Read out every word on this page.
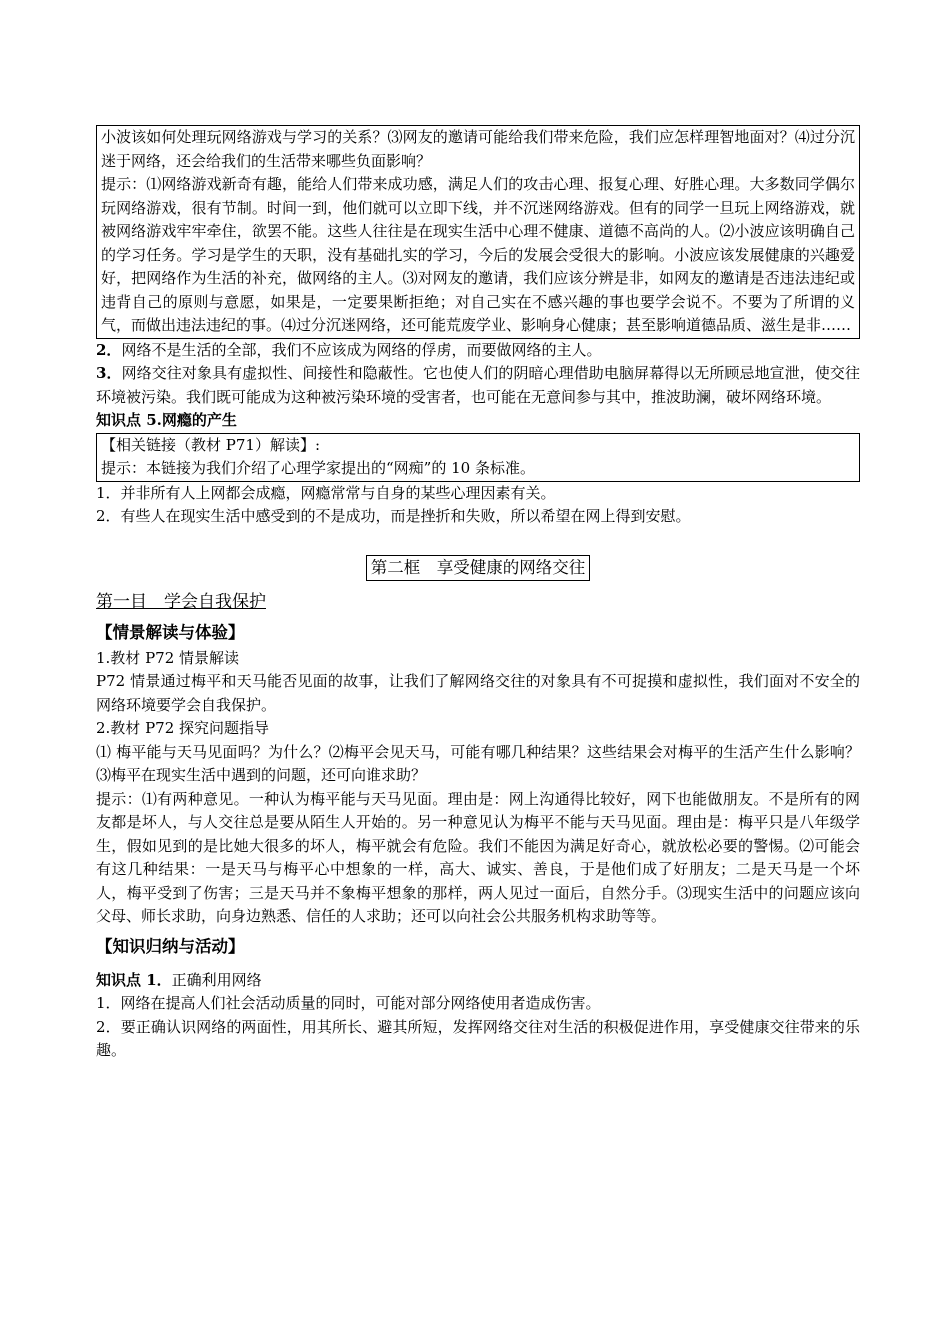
小波该如何处理玩网络游戏与学习的关系？⑶网友的邀请可能给我们带来危险，我们应怎样理智地面对？⑷过分沉迷于网络，还会给我们的生活带来哪些负面影响？

提示：⑴网络游戏新奇有趣，能给人们带来成功感，满足人们的攻击心理、报复心理、好胜心理。大多数同学偶尔玩网络游戏，很有节制。时间一到，他们就可以立即下线，并不沉迷网络游戏。但有的同学一旦玩上网络游戏，就被网络游戏牢牢牵住，欲罢不能。这些人往往是在现实生活中心理不健康、道德不高尚的人。⑵小波应该明确自己的学习任务。学习是学生的天职，没有基础扎实的学习，今后的发展会受很大的影响。小波应该发展健康的兴趣爱好，把网络作为生活的补充，做网络的主人。⑶对网友的邀请，我们应该分辨是非，如网友的邀请是否违法违纪或违背自己的原则与意愿，如果是，一定要果断拒绝；对自己实在不感兴趣的事也要学会说不。不要为了所谓的义气，而做出违法违纪的事。⑷过分沉迷网络，还可能荒废学业、影响身心健康；甚至影响道德品质、滋生是非……

2．网络不是生活的全部，我们不应该成为网络的俘虏，而要做网络的主人。

3．网络交往对象具有虚拟性、间接性和隐蔽性。它也使人们的阴暗心理借助电脑屏幕得以无所顾忌地宣泄，使交往环境被污染。我们既可能成为这种被污染环境的受害者，也可能在无意间参与其中，推波助澜，破坏网络环境。

知识点 5.网瘾的产生

【相关链接（教材 P71）解读】:

提示：本链接为我们介绍了心理学家提出的“网痴”的 10 条标准。

1．并非所有人上网都会成瘾，网瘾常常与自身的某些心理因素有关。

2．有些人在现实生活中感受到的不是成功，而是挫折和失败，所以希望在网上得到安慰。

第二框　享受健康的网络交往
第一目　学会自我保护
【情景解读与体验】

1.教材 P72 情景解读

P72 情景通过梅平和天马能否见面的故事，让我们了解网络交往的对象具有不可捉摸和虚拟性，我们面对不安全的网络环境要学会自我保护。

2.教材 P72 探究问题指导

⑴ 梅平能与天马见面吗？为什么？⑵梅平会见天马，可能有哪几种结果？这些结果会对梅平的生活产生什么影响？⑶梅平在现实生活中遇到的问题，还可向谁求助？

提示：⑴有两种意见。一种认为梅平能与天马见面。理由是：网上沟通得比较好，网下也能做朋友。不是所有的网友都是坏人，与人交往总是要从陌生人开始的。另一种意见认为梅平不能与天马见面。理由是：梅平只是八年级学生，假如见到的是比她大很多的坏人，梅平就会有危险。我们不能因为满足好奇心，就放松必要的警惕。⑵可能会有这几种结果：一是天马与梅平心中想象的一样，高大、诚实、善良，于是他们成了好朋友；二是天马是一个坏人，梅平受到了伤害；三是天马并不象梅平想象的那样，两人见过一面后，自然分手。⑶现实生活中的问题应该向父母、师长求助，向身边熟悉、信任的人求助；还可以向社会公共服务机构求助等等。

【知识归纳与活动】

知识点 1．正确利用网络

1．网络在提高人们社会活动质量的同时，可能对部分网络使用者造成伤害。

2．要正确认识网络的两面性，用其所长、避其所短，发挥网络交往对生活的积极促进作用，享受健康交往带来的乐趣。
